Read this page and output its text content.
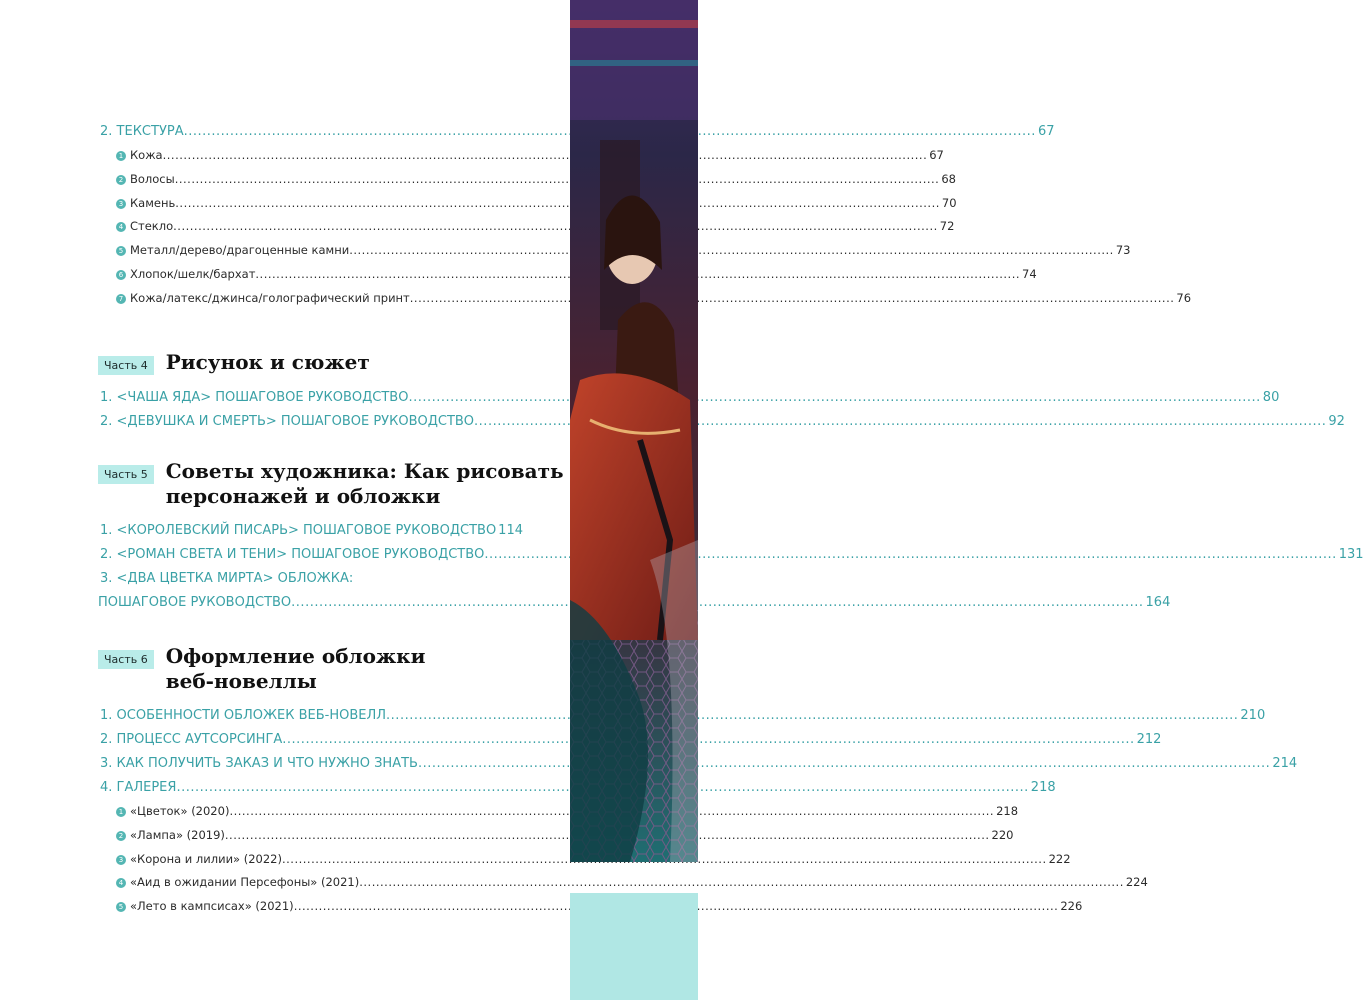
2. ТЕКСТУРА .....	67
1 Кожа .....	67
2 Волосы .....	68
3 Камень .....	70
4 Стекло .....	72
5 Металл/дерево/драгоценные камни .....	73
6 Хлопок/шелк/бархат .....	74
7 Кожа/латекс/джинса/голографический принт .....	76
Часть 4 Рисунок и сюжет
1. <ЧАША ЯДА> ПОШАГОВОЕ РУКОВОДСТВО .....	80
2. <ДЕВУШКА И СМЕРТЬ> ПОШАГОВОЕ РУКОВОДСТВО .....	92
Часть 5 Советы художника: Как рисовать
персонажей и обложки
1. <КОРОЛЕВСКИЙ ПИСАРЬ> ПОШАГОВОЕ РУКОВОДСТВО 114
2. <РОМАН СВЕТА И ТЕНИ> ПОШАГОВОЕ РУКОВОДСТВО .....	131
3. <ДВА ЦВЕТКА МИРТА> ОБЛОЖКА:
ПОШАГОВОЕ РУКОВОДСТВО .....	164
Часть 6 Оформление обложки
веб-новеллы
1. ОСОБЕННОСТИ ОБЛОЖЕК ВЕБ-НОВЕЛЛ .....	210
2. ПРОЦЕСС АУТСОРСИНГА .....	212
3. КАК ПОЛУЧИТЬ ЗАКАЗ И ЧТО НУЖНО ЗНАТЬ .....	214
4. ГАЛЕРЕЯ .....	218
1 «Цветок» (2020) .....	218
2 «Лампа» (2019) .....	220
3 «Корона и лилии» (2022) .....	222
4 «Аид в ожидании Персефоны» (2021) .....	224
5 «Лето в кампсисах» (2021) .....	226
